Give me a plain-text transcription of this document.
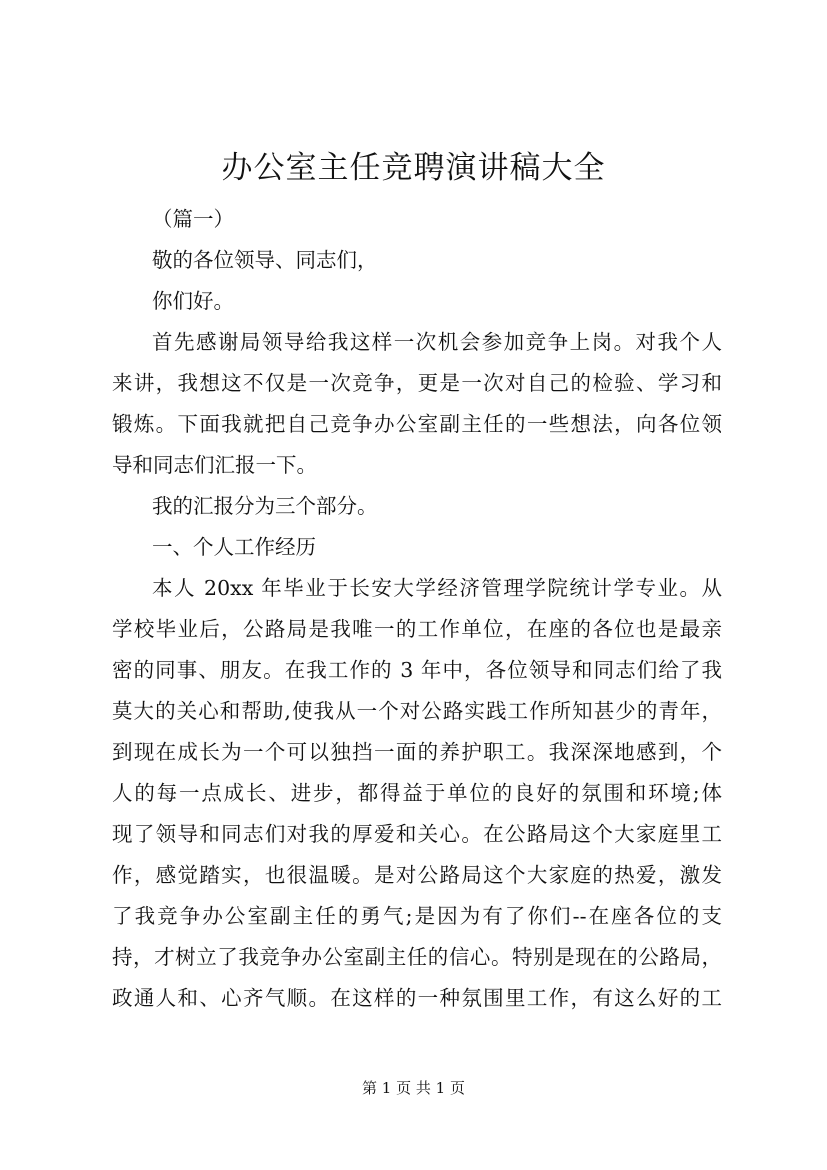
办公室主任竞聘演讲稿大全
（篇一）
敬的各位领导、同志们，
你们好。
首先感谢局领导给我这样一次机会参加竞争上岗。对我个人
来讲，我想这不仅是一次竞争，更是一次对自己的检验、学习和
锻炼。下面我就把自己竞争办公室副主任的一些想法，向各位领
导和同志们汇报一下。
我的汇报分为三个部分。
一、个人工作经历
本人 20xx 年毕业于长安大学经济管理学院统计学专业。从
学校毕业后，公路局是我唯一的工作单位，在座的各位也是最亲
密的同事、朋友。在我工作的 3 年中，各位领导和同志们给了我
莫大的关心和帮助,使我从一个对公路实践工作所知甚少的青年，
到现在成长为一个可以独挡一面的养护职工。我深深地感到，个
人的每一点成长、进步，都得益于单位的良好的氛围和环境;体
现了领导和同志们对我的厚爱和关心。在公路局这个大家庭里工
作，感觉踏实，也很温暖。是对公路局这个大家庭的热爱，激发
了我竞争办公室副主任的勇气;是因为有了你们--在座各位的支
持，才树立了我竞争办公室副主任的信心。特别是现在的公路局，
政通人和、心齐气顺。在这样的一种氛围里工作，有这么好的工
第 1 页 共 1 页
